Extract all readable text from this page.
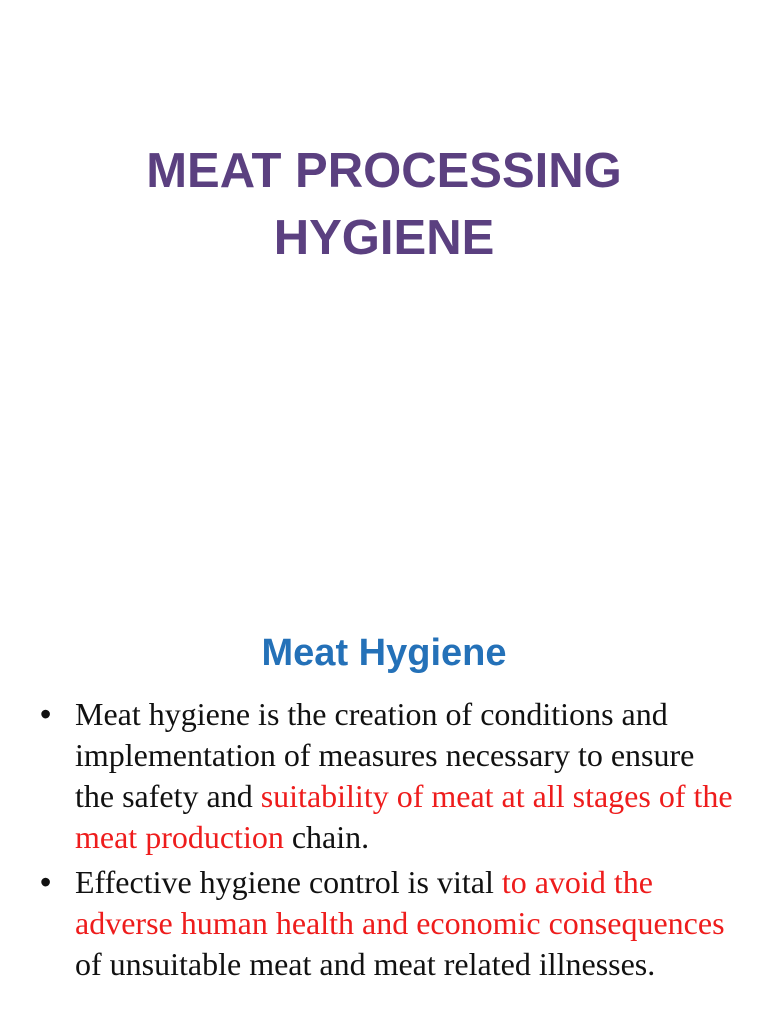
MEAT PROCESSING
HYGIENE
Meat Hygiene
• Meat hygiene is the creation of conditions and implementation of measures necessary to ensure the safety and suitability of meat at all stages of the meat production chain.
• Effective hygiene control is vital to avoid the adverse human health and economic consequences of unsuitable meat and meat related illnesses.
